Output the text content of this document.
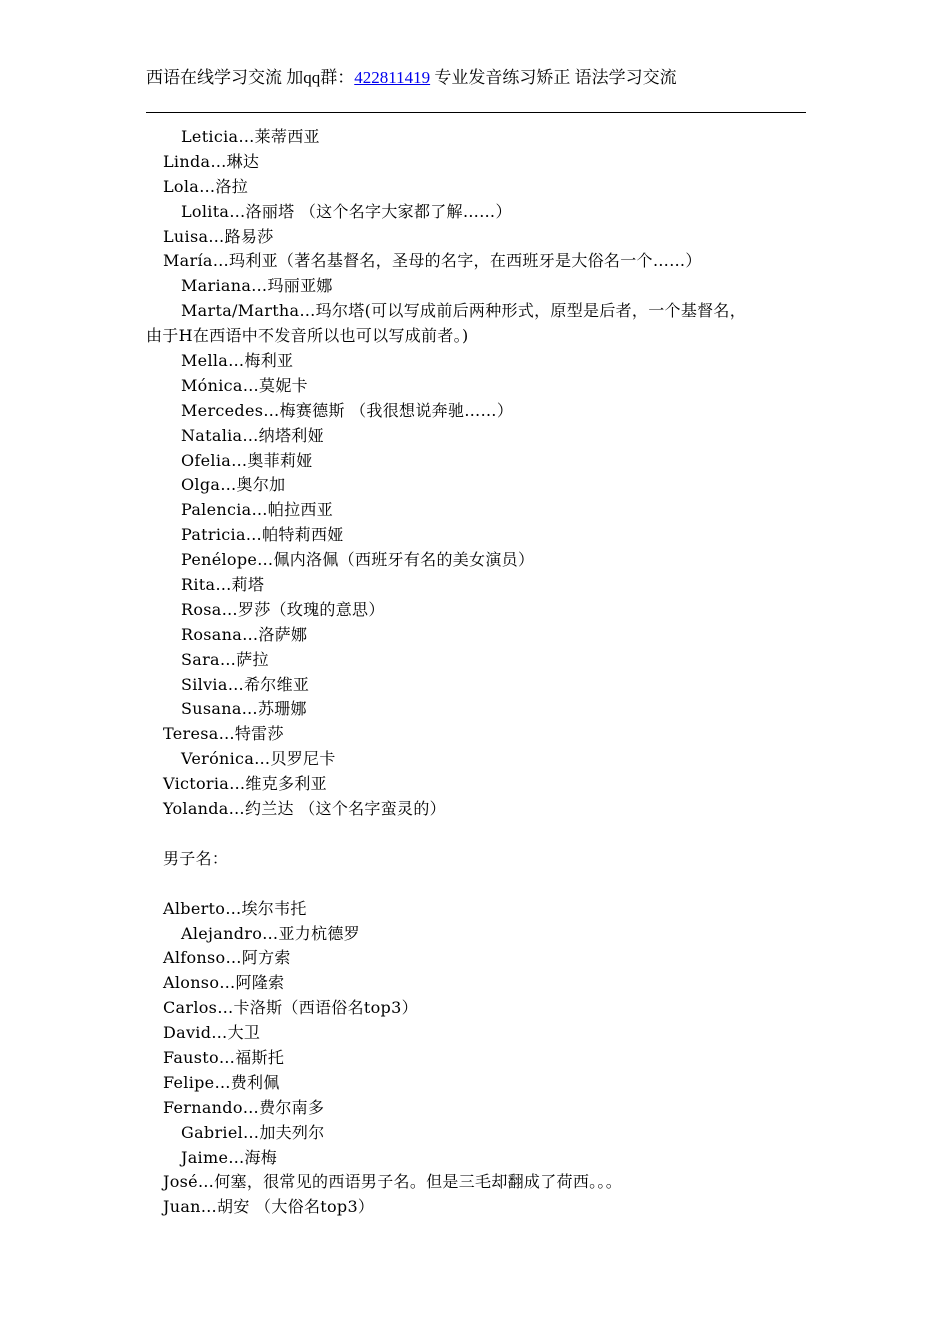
西语在线学习交流 加qq群：422811419 专业发音练习矫正 语法学习交流
Leticia…莱蒂西亚
Linda…琳达
Lola…洛拉
Lolita…洛丽塔 （这个名字大家都了解……）
Luisa…路易莎
María…玛利亚（著名基督名，圣母的名字，在西班牙是大俗名一个……）
Mariana…玛丽亚娜
Marta/Martha…玛尔塔(可以写成前后两种形式，原型是后者，一个基督名，
由于H在西语中不发音所以也可以写成前者。)
Mella…梅利亚
Mónica…莫妮卡
Mercedes…梅赛德斯 （我很想说奔驰……）
Natalia…纳塔利娅
Ofelia…奥菲莉娅
Olga…奥尔加
Palencia…帕拉西亚
Patricia…帕特莉西娅
Penélope…佩内洛佩（西班牙有名的美女演员）
Rita…莉塔
Rosa…罗莎（玫瑰的意思）
Rosana…洛萨娜
Sara…萨拉
Silvia…希尔维亚
Susana…苏珊娜
Teresa…特雷莎
Verónica…贝罗尼卡
Victoria…维克多利亚
Yolanda…约兰达 （这个名字蛮灵的）
男子名：
Alberto…埃尔韦托
Alejandro…亚力杭德罗
Alfonso…阿方索
Alonso…阿隆索
Carlos…卡洛斯（西语俗名top3）
David…大卫
Fausto…福斯托
Felipe…费利佩
Fernando…费尔南多
Gabriel…加夫列尔
Jaime…海梅
José…何塞，很常见的西语男子名。但是三毛却翻成了荷西。。。
Juan…胡安 （大俗名top3）
